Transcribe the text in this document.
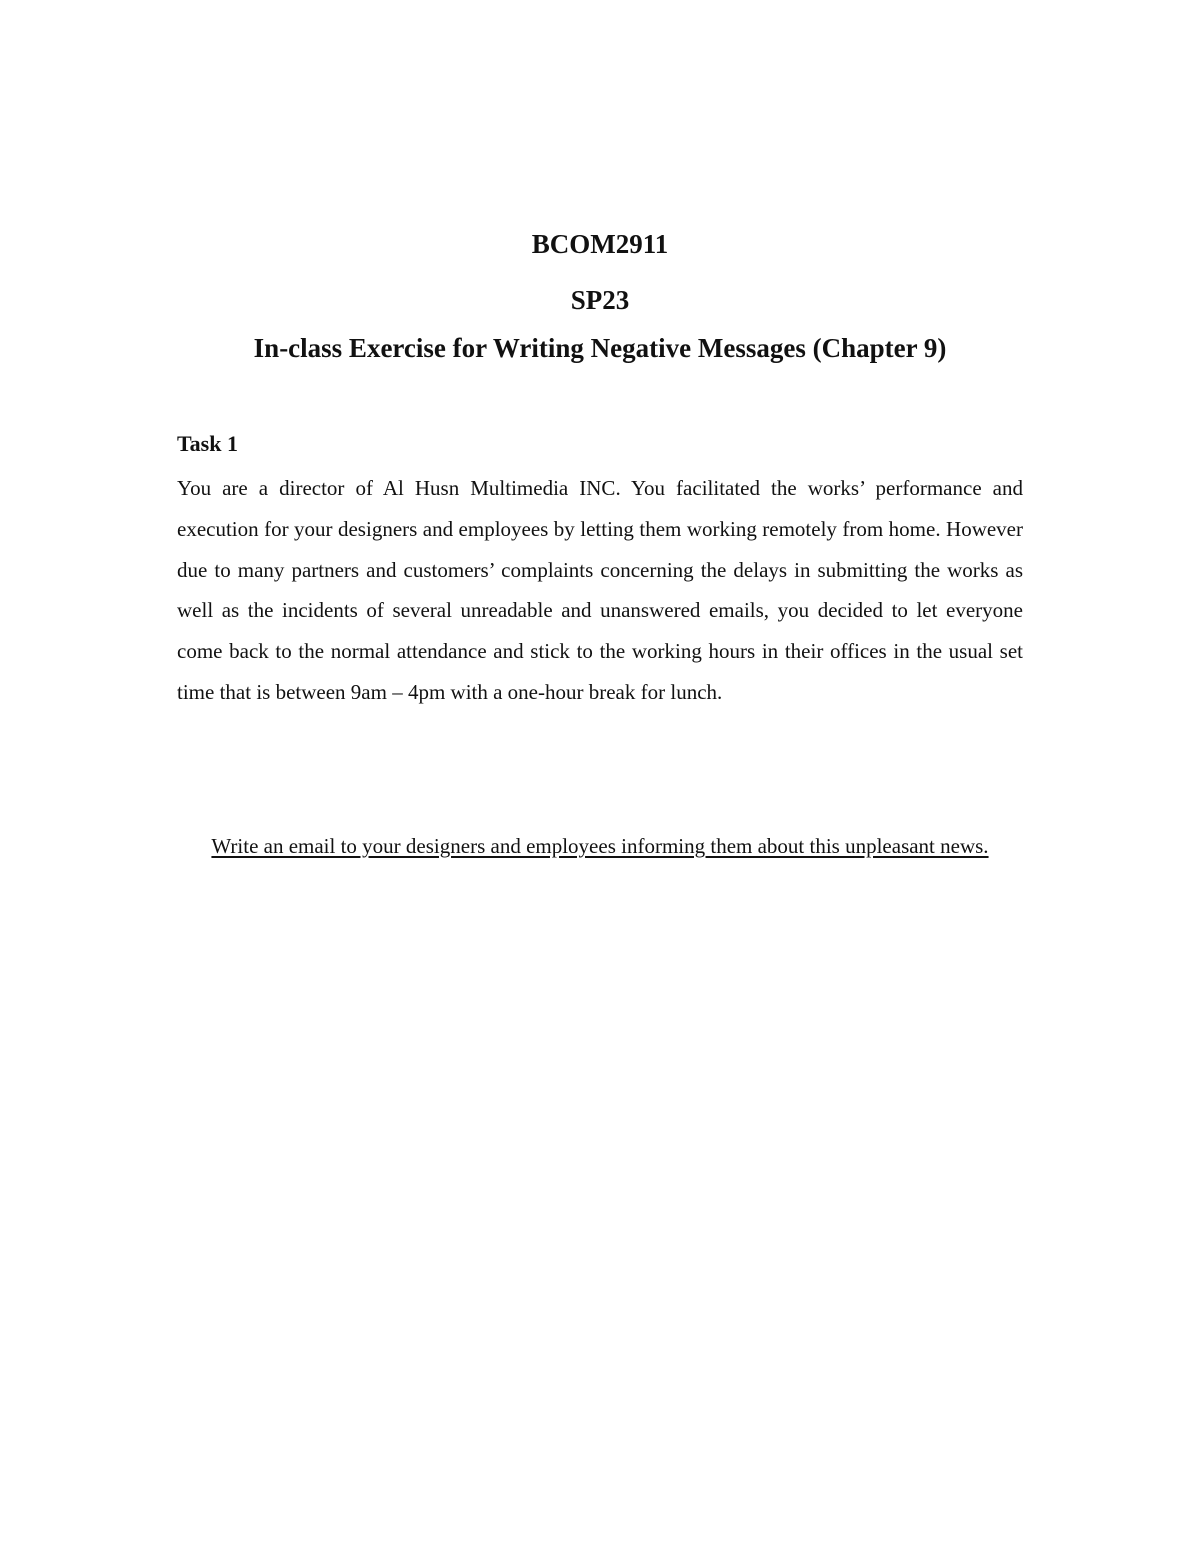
BCOM2911
SP23
In-class Exercise for Writing Negative Messages (Chapter 9)
Task 1

You are a director of Al Husn Multimedia INC. You facilitated the works’ performance and execution for your designers and employees by letting them working remotely from home. However due to many partners and customers’ complaints concerning the delays in submitting the works as well as the incidents of several unreadable and unanswered emails, you decided to let everyone come back to the normal attendance and stick to the working hours in their offices in the usual set time that is between 9am – 4pm with a one-hour break for lunch.

Write an email to your designers and employees informing them about this unpleasant news.
